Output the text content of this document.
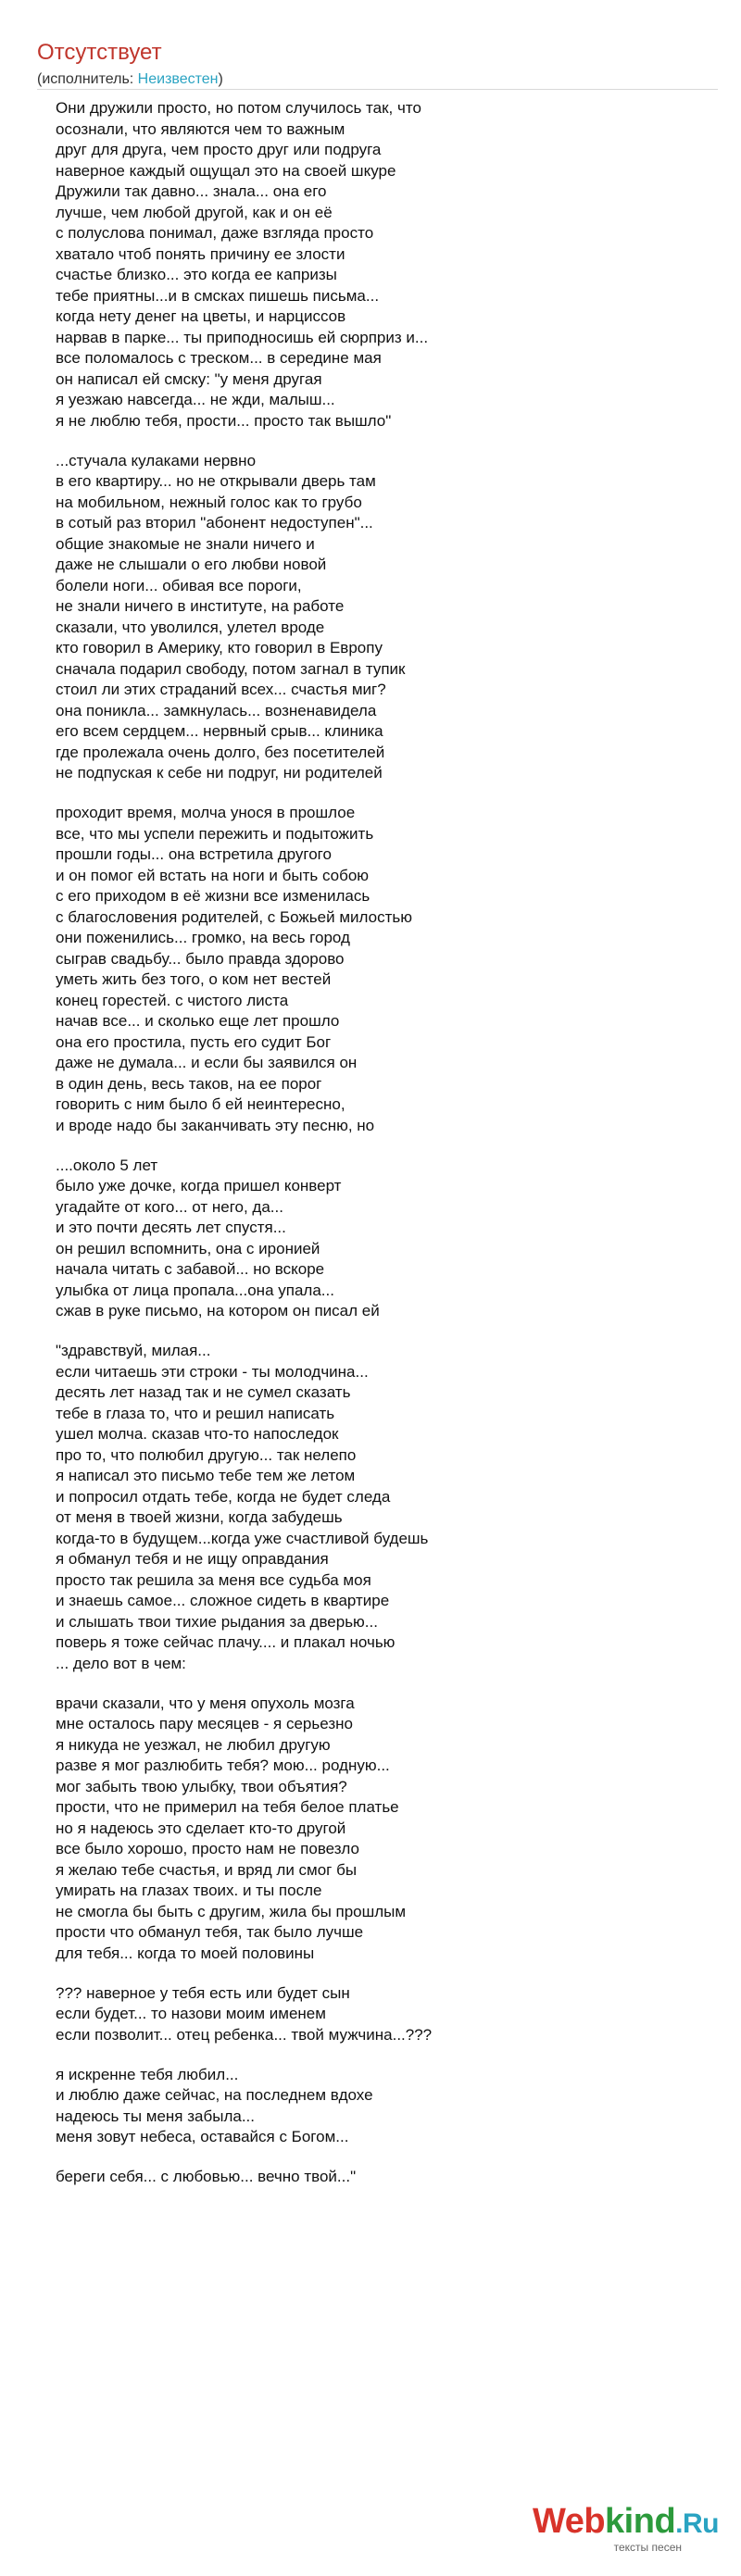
Отсутствует
(исполнитель: Неизвестен)
Они дружили просто, но потом случилось так, что
осознали, что являются чем то важным
друг для друга, чем просто друг или подруга
наверное каждый ощущал это на своей шкуре
Дружили так давно... знала... она его
лучше, чем любой другой, как и он её
с полуслова понимал, даже взгляда просто
хватало чтоб понять причину ее злости
счастье близко... это когда ее капризы
тебе приятны...и в смсках пишешь письма...
когда нету денег на цветы, и нарциссов
нарвав в парке... ты приподносишь ей сюрприз и...
все поломалось с треском... в середине мая
он написал ей смску: "у меня другая
я уезжаю навсегда... не жди, малыш...
я не люблю тебя, прости... просто так вышло"
...стучала кулаками нервно
в его квартиру... но не открывали дверь там
на мобильном, нежный голос как то грубо
в сотый раз вторил "абонент недоступен"...
общие знакомые не знали ничего и
даже не слышали о его любви новой
болели ноги... обивая все пороги,
не знали ничего в институте, на работе
сказали, что уволился, улетел вроде
кто говорил в Америку, кто говорил в Европу
сначала подарил свободу, потом загнал в тупик
стоил ли этих страданий всех... счастья миг?
она поникла... замкнулась... возненавидела
его всем сердцем... нервный срыв... клиника
где пролежала очень долго, без посетителей
не подпуская к себе ни подруг, ни родителей
проходит время, молча унося в прошлое
все, что мы успели пережить и подытожить
прошли годы... она встретила другого
и он помог ей встать на ноги и быть собою
с его приходом в её жизни все изменилась
с благословения родителей, с Божьей милостью
они поженились... громко, на весь город
сыграв свадьбу... было правда здорово
уметь жить без того, о ком нет вестей
конец горестей. с чистого листа
начав все... и сколько еще лет прошло
она его простила, пусть его судит Бог
даже не думала... и если бы заявился он
в один день, весь таков, на ее порог
говорить с ним было б ей неинтересно,
и вроде надо бы заканчивать эту песню, но
....около 5 лет
было уже дочке, когда пришел конверт
угадайте от кого... от него, да...
и это почти десять лет спустя...
он решил вспомнить, она с иронией
начала читать с забавой... но вскоре
улыбка от лица пропала...она упала...
сжав в руке письмо, на котором он писал ей
"здравствуй, милая...
если читаешь эти строки - ты молодчина...
десять лет назад так и не сумел сказать
тебе в глаза то, что и решил написать
ушел молча. сказав что-то напоследок
про то, что полюбил другую... так нелепо
я написал это письмо тебе тем же летом
и попросил отдать тебе, когда не будет следа
от меня в твоей жизни, когда забудешь
когда-то в будущем...когда уже счастливой будешь
я обманул тебя и не ищу оправдания
просто так решила за меня все судьба моя
и знаешь самое... сложное сидеть в квартире
и слышать твои тихие рыдания за дверью...
поверь я тоже сейчас плачу.... и плакал ночью
... дело вот в чем:
врачи сказали, что у меня опухоль мозга
мне осталось пару месяцев - я серьезно
я никуда не уезжал, не любил другую
разве я мог разлюбить тебя? мою... родную...
мог забыть твою улыбку, твои объятия?
прости, что не примерил на тебя белое платье
но я надеюсь это сделает кто-то другой
все было хорошо, просто нам не повезло
я желаю тебе счастья, и вряд ли смог бы
умирать на глазах твоих. и ты после
не смогла бы быть с другим, жила бы прошлым
прости что обманул тебя, так было лучше
для тебя... когда то моей половины
??? наверное у тебя есть или будет сын
если будет... то назови моим именем
если позволит... отец ребенка... твой мужчина...???
я искренне тебя любил...
и люблю даже сейчас, на последнем вдохе
надеюсь ты меня забыла...
меня зовут небеса, оставайся с Богом...
береги себя... с любовью... вечно твой..."
Webkind.Ru
тексты песен
